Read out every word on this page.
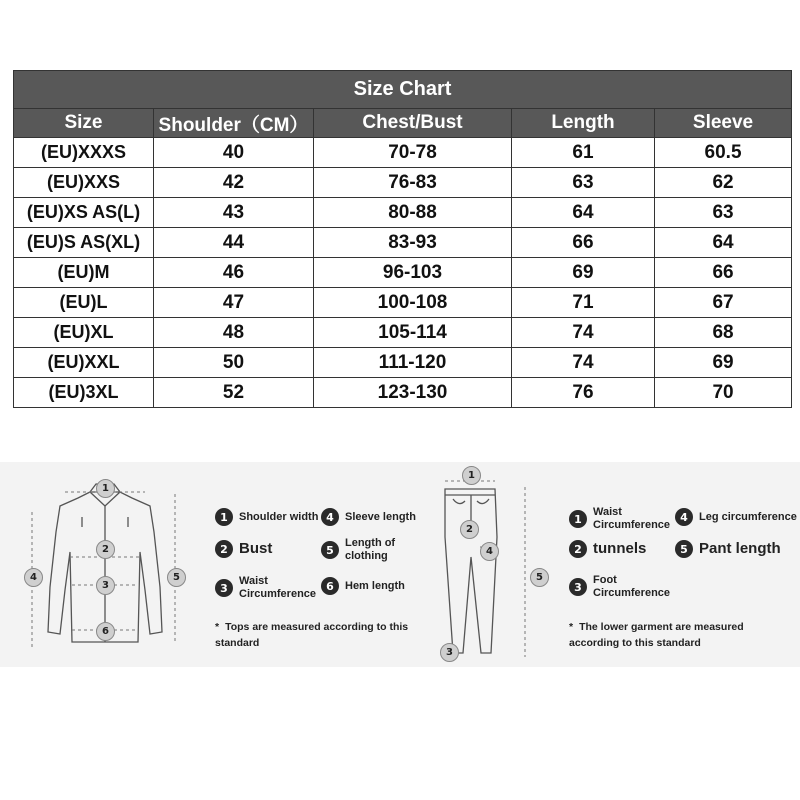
Size Chart				
Size	Shoulder（CM）	Chest/Bust	Length	Sleeve
(EU)XXXS	40	70-78	61	60.5
(EU)XXS	42	76-83	63	62
(EU)XS AS(L)	43	80-88	64	63
(EU)S AS(XL)	44	83-93	66	64
(EU)M	46	96-103	69	66
(EU)L	47	100-108	71	67
(EU)XL	48	105-114	74	68
(EU)XXL	50	111-120	74	69
(EU)3XL	52	123-130	76	70
1
2
3
4	5
6
1	Shoulder width 4	Sleeve length
2 Bust	5
Length of clothing
3
Waist Circumference
6	Hem length
* Tops are measured according to this standard
1
2
3
4
5
1
Waist Circumference
4	Leg circumference
2 tunnels	5 Pant length
3
Foot Circumference
* The lower garment are measured according to this standard
